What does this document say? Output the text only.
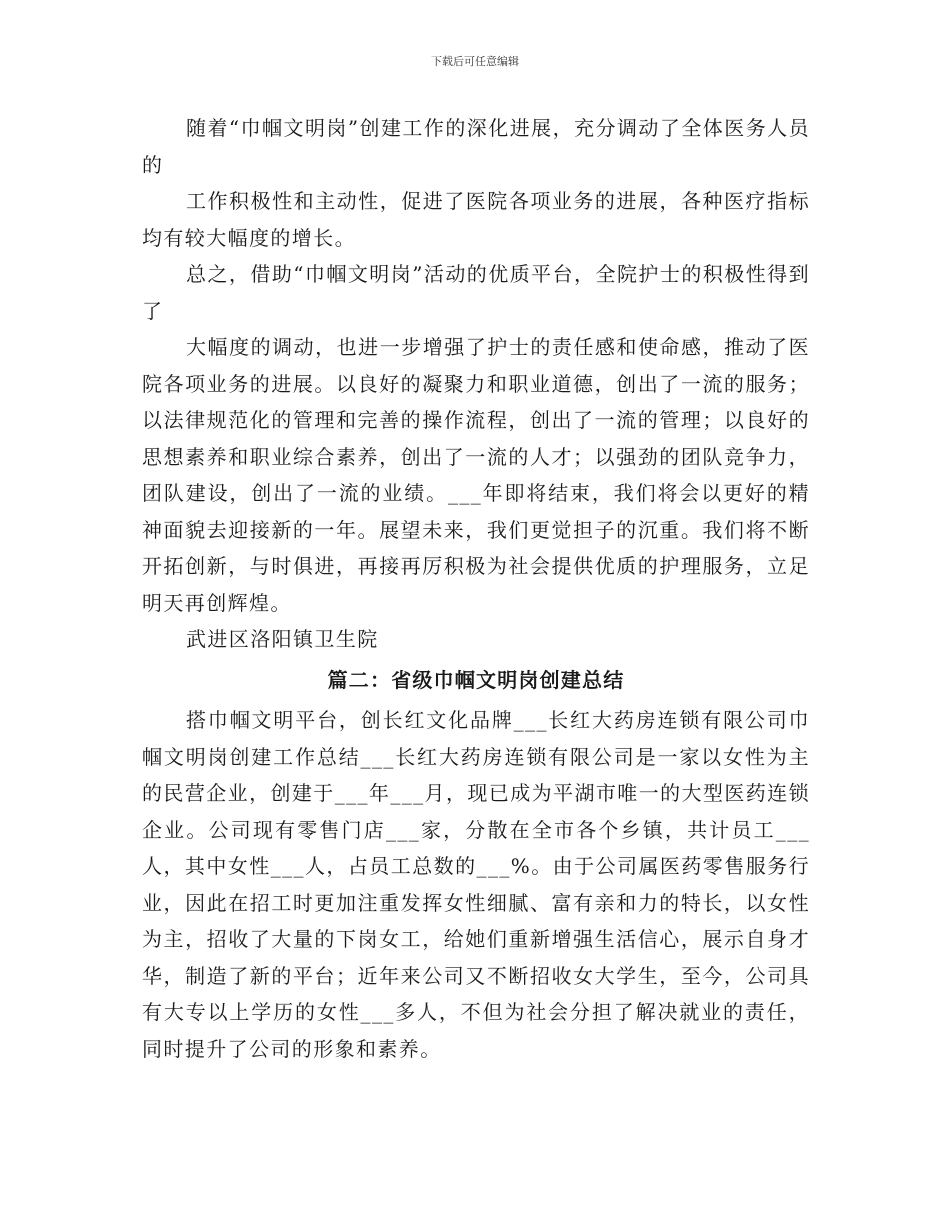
下载后可任意编辑

随着“巾帼文明岗”创建工作的深化进展，充分调动了全体医务人员的

工作积极性和主动性，促进了医院各项业务的进展，各种医疗指标均有较大幅度的增长。

总之，借助“巾帼文明岗”活动的优质平台，全院护士的积极性得到了

大幅度的调动，也进一步增强了护士的责任感和使命感，推动了医院各项业务的进展。以良好的凝聚力和职业道德，创出了一流的服务；以法律规范化的管理和完善的操作流程，创出了一流的管理；以良好的思想素养和职业综合素养，创出了一流的人才；以强劲的团队竞争力，团队建设，创出了一流的业绩。___年即将结束，我们将会以更好的精神面貌去迎接新的一年。展望未来，我们更觉担子的沉重。我们将不断开拓创新，与时俱进，再接再厉积极为社会提供优质的护理服务，立足明天再创辉煌。

武进区洛阳镇卫生院

篇二：省级巾帼文明岗创建总结

搭巾帼文明平台，创长红文化品牌___长红大药房连锁有限公司巾帼文明岗创建工作总结___长红大药房连锁有限公司是一家以女性为主的民营企业，创建于___年___月，现已成为平湖市唯一的大型医药连锁企业。公司现有零售门店___家，分散在全市各个乡镇，共计员工___人，其中女性___人，占员工总数的___%。由于公司属医药零售服务行业，因此在招工时更加注重发挥女性细腻、富有亲和力的特长，以女性为主，招收了大量的下岗女工，给她们重新增强生活信心，展示自身才华，制造了新的平台；近年来公司又不断招收女大学生，至今，公司具有大专以上学历的女性___多人，不但为社会分担了解决就业的责任，同时提升了公司的形象和素养。
